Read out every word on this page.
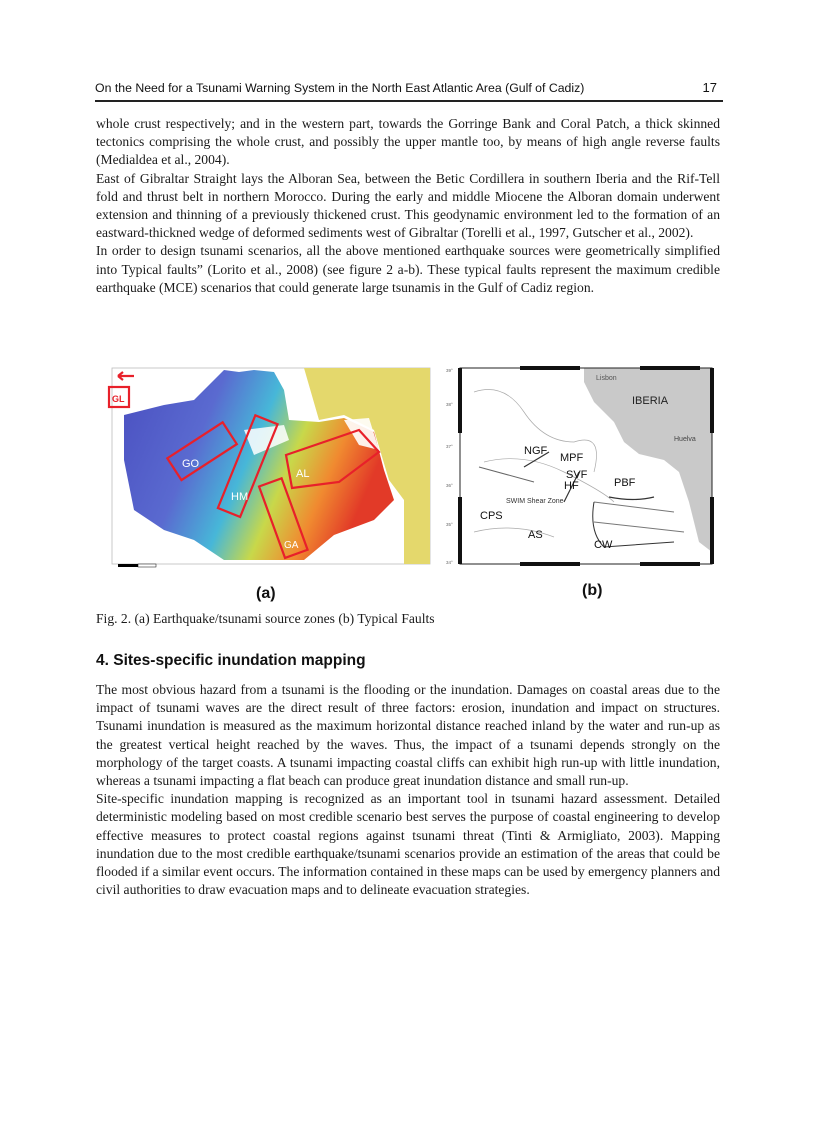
On the Need for a Tsunami Warning System in the North East Atlantic Area (Gulf of Cadiz)	17

whole crust respectively; and in the western part, towards the Gorringe Bank and Coral Patch, a thick skinned tectonics comprising the whole crust, and possibly the upper mantle too, by means of high angle reverse faults (Medialdea et al., 2004).

East of Gibraltar Straight lays the Alboran Sea, between the Betic Cordillera in southern Iberia and the Rif-Tell fold and thrust belt in northern Morocco. During the early and middle Miocene the Alboran domain underwent extension and thinning of a previously thickened crust. This geodynamic environment led to the formation of an eastward-thickned wedge of deformed sediments west of Gibraltar (Torelli et al., 1997, Gutscher et al., 2002).

In order to design tsunami scenarios, all the above mentioned earthquake sources were geometrically simplified into Typical faults” (Lorito et al., 2008) (see figure 2 a-b). These typical faults represent the maximum credible earthquake (MCE) scenarios that could generate large tsunamis in the Gulf of Cadiz region.

GL
GO
HM
AL
GA
(a)
Lisbon
IBERIA
Huelva
NGF
MPF
SVF
HF	PBF
SWIM Shear Zone
CPS
AS
CW
39°
38°
37°
36°
35°
34°
(b)
Fig. 2. (a) Earthquake/tsunami source zones (b) Typical Faults
4. Sites-specific inundation mapping

The most obvious hazard from a tsunami is the flooding or the inundation. Damages on coastal areas due to the impact of tsunami waves are the direct result of three factors: erosion, inundation and impact on structures. Tsunami inundation is measured as the maximum horizontal distance reached inland by the water and run-up as the greatest vertical height reached by the waves. Thus, the impact of a tsunami depends strongly on the morphology of the target coasts. A tsunami impacting coastal cliffs can exhibit high run-up with little inundation, whereas a tsunami impacting a flat beach can produce great inundation distance and small run-up.

Site-specific inundation mapping is recognized as an important tool in tsunami hazard assessment. Detailed deterministic modeling based on most credible scenario best serves the purpose of coastal engineering to develop effective measures to protect coastal regions against tsunami threat (Tinti & Armigliato, 2003). Mapping inundation due to the most credible earthquake/tsunami scenarios provide an estimation of the areas that could be flooded if a similar event occurs. The information contained in these maps can be used by emergency planners and civil authorities to draw evacuation maps and to delineate evacuation strategies.
